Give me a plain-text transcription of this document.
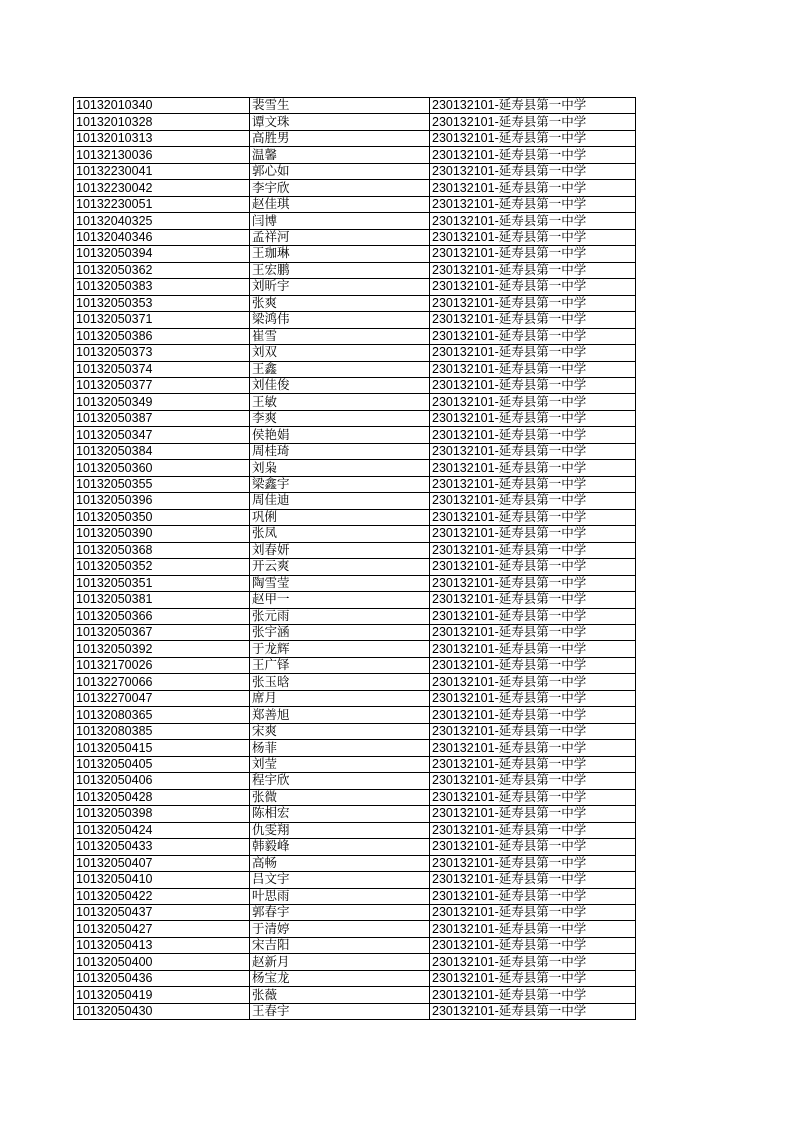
10132010340	裴雪生	230132101-延寿县第一中学
10132010328	谭文珠	230132101-延寿县第一中学
10132010313	高胜男	230132101-延寿县第一中学
10132130036	温馨	230132101-延寿县第一中学
10132230041	郭心如	230132101-延寿县第一中学
10132230042	李宇欣	230132101-延寿县第一中学
10132230051	赵佳琪	230132101-延寿县第一中学
10132040325	闫博	230132101-延寿县第一中学
10132040346	孟祥河	230132101-延寿县第一中学
10132050394	王珈琳	230132101-延寿县第一中学
10132050362	王宏鹏	230132101-延寿县第一中学
10132050383	刘昕宇	230132101-延寿县第一中学
10132050353	张爽	230132101-延寿县第一中学
10132050371	梁鸿伟	230132101-延寿县第一中学
10132050386	崔雪	230132101-延寿县第一中学
10132050373	刘双	230132101-延寿县第一中学
10132050374	王鑫	230132101-延寿县第一中学
10132050377	刘佳俊	230132101-延寿县第一中学
10132050349	王敏	230132101-延寿县第一中学
10132050387	李爽	230132101-延寿县第一中学
10132050347	侯艳娟	230132101-延寿县第一中学
10132050384	周桂琦	230132101-延寿县第一中学
10132050360	刘枭	230132101-延寿县第一中学
10132050355	梁鑫宇	230132101-延寿县第一中学
10132050396	周佳迪	230132101-延寿县第一中学
10132050350	巩俐	230132101-延寿县第一中学
10132050390	张凤	230132101-延寿县第一中学
10132050368	刘春妍	230132101-延寿县第一中学
10132050352	开云爽	230132101-延寿县第一中学
10132050351	陶雪莹	230132101-延寿县第一中学
10132050381	赵甲一	230132101-延寿县第一中学
10132050366	张元雨	230132101-延寿县第一中学
10132050367	张宇涵	230132101-延寿县第一中学
10132050392	于龙辉	230132101-延寿县第一中学
10132170026	王广铎	230132101-延寿县第一中学
10132270066	张玉晗	230132101-延寿县第一中学
10132270047	席月	230132101-延寿县第一中学
10132080365	郑善旭	230132101-延寿县第一中学
10132080385	宋爽	230132101-延寿县第一中学
10132050415	杨菲	230132101-延寿县第一中学
10132050405	刘莹	230132101-延寿县第一中学
10132050406	程宇欣	230132101-延寿县第一中学
10132050428	张微	230132101-延寿县第一中学
10132050398	陈相宏	230132101-延寿县第一中学
10132050424	仇雯翔	230132101-延寿县第一中学
10132050433	韩毅峰	230132101-延寿县第一中学
10132050407	高畅	230132101-延寿县第一中学
10132050410	吕文宇	230132101-延寿县第一中学
10132050422	叶思雨	230132101-延寿县第一中学
10132050437	郭春宇	230132101-延寿县第一中学
10132050427	于清婷	230132101-延寿县第一中学
10132050413	宋吉阳	230132101-延寿县第一中学
10132050400	赵新月	230132101-延寿县第一中学
10132050436	杨宝龙	230132101-延寿县第一中学
10132050419	张薇	230132101-延寿县第一中学
10132050430	王春宇	230132101-延寿县第一中学
